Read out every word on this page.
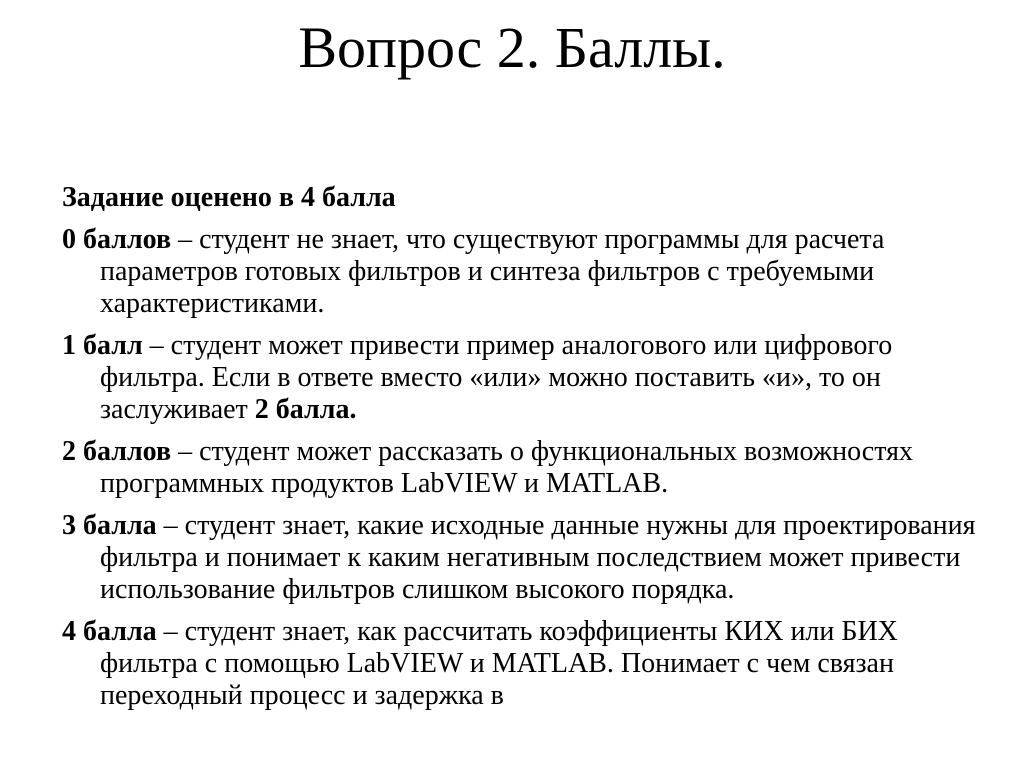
Вопрос 2. Баллы.
Задание оценено в 4 балла
0 баллов – студент не знает, что существуют программы для расчета параметров готовых фильтров и синтеза фильтров с требуемыми характеристиками.
1 балл – студент может привести пример аналогового или цифрового фильтра. Если в ответе вместо «или» можно поставить «и», то он заслуживает 2 балла.
2 баллов – студент может рассказать о функциональных возможностях программных продуктов LabVIEW и MATLAB.
3 балла – студент знает, какие исходные данные нужны для проектирования фильтра и понимает к каким негативным последствием может привести использование фильтров слишком высокого порядка.
4 балла – студент знает, как рассчитать коэффициенты КИХ или БИХ фильтра с помощью LabVIEW и MATLAB. Понимает с чем связан переходный процесс и задержка в
